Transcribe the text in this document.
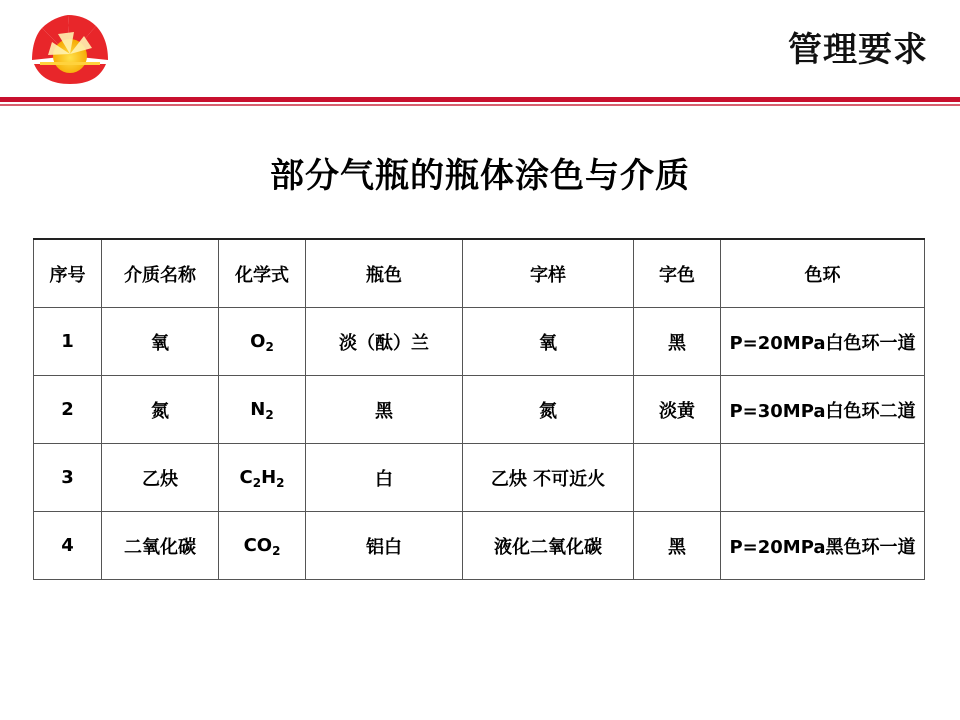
管理要求
部分气瓶的瓶体涂色与介质
序号	介质名称	化学式	瓶色	字样	字色	色环
1	氧	$O_2$	淡（酞）兰	氧	黑	P=20MPa白色环一道
2	氮	$N_2$	黑	氮	淡黄	P=30MPa白色环二道
3	乙炔	$C_2H_2$	白	乙炔 不可近火		
4	二氧化碳	$CO_2$	铝白	液化二氧化碳	黑	P=20MPa黑色环一道
